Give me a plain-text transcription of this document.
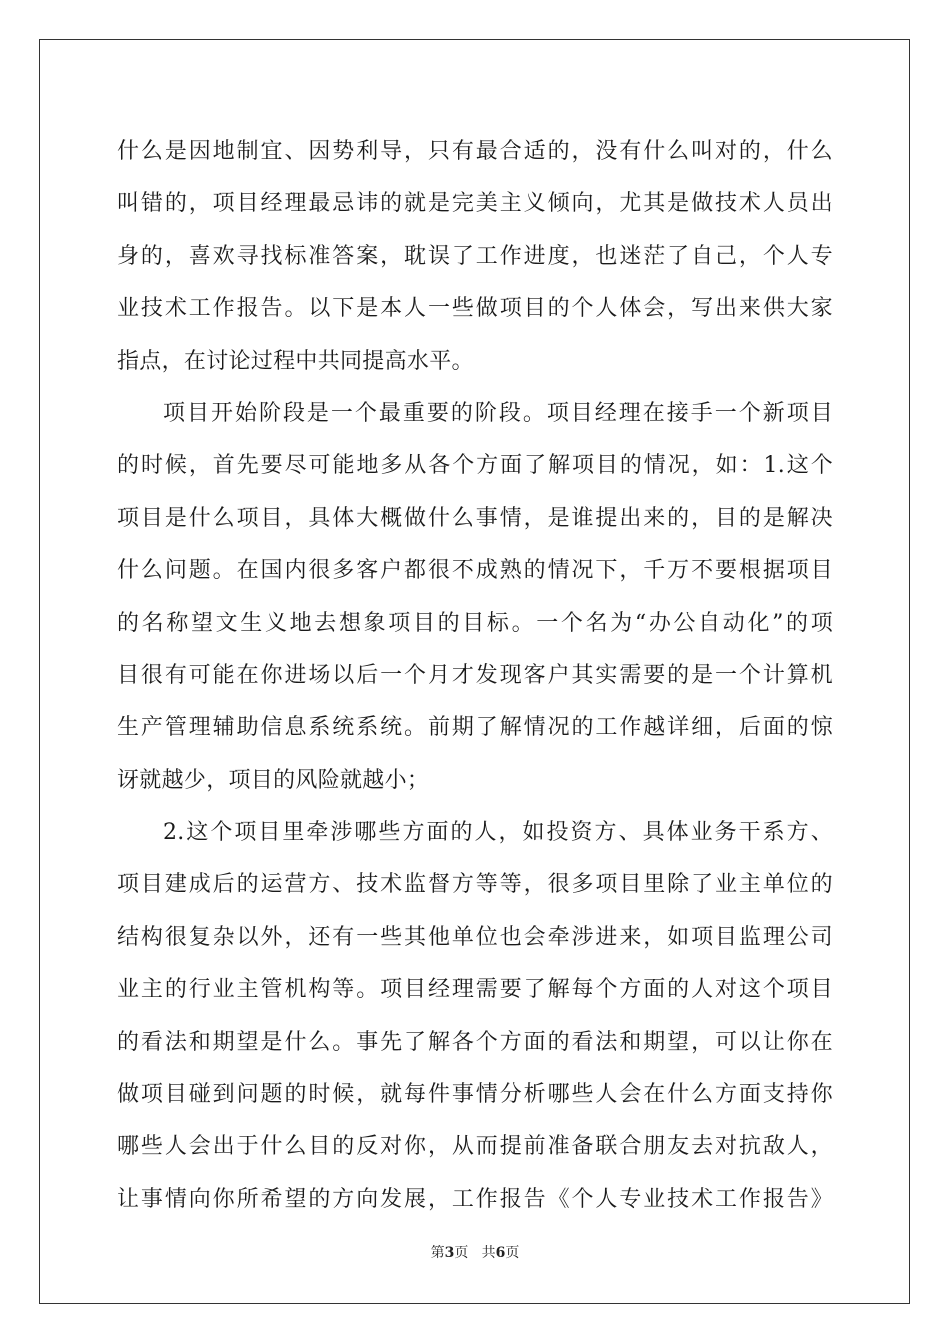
什么是因地制宜、因势利导，只有最合适的，没有什么叫对的，什么
叫错的，项目经理最忌讳的就是完美主义倾向，尤其是做技术人员出
身的，喜欢寻找标准答案，耽误了工作进度，也迷茫了自己，个人专
业技术工作报告。以下是本人一些做项目的个人体会，写出来供大家
指点，在讨论过程中共同提高水平。
项目开始阶段是一个最重要的阶段。项目经理在接手一个新项目
的时候，首先要尽可能地多从各个方面了解项目的情况，如：1.这个
项目是什么项目，具体大概做什么事情，是谁提出来的，目的是解决
什么问题。在国内很多客户都很不成熟的情况下，千万不要根据项目
的名称望文生义地去想象项目的目标。一个名为“办公自动化”的项
目很有可能在你进场以后一个月才发现客户其实需要的是一个计算机
生产管理辅助信息系统系统。前期了解情况的工作越详细，后面的惊
讶就越少，项目的风险就越小；
2.这个项目里牵涉哪些方面的人，如投资方、具体业务干系方、
项目建成后的运营方、技术监督方等等，很多项目里除了业主单位的
结构很复杂以外，还有一些其他单位也会牵涉进来，如项目监理公司
业主的行业主管机构等。项目经理需要了解每个方面的人对这个项目
的看法和期望是什么。事先了解各个方面的看法和期望，可以让你在
做项目碰到问题的时候，就每件事情分析哪些人会在什么方面支持你
哪些人会出于什么目的反对你，从而提前准备联合朋友去对抗敌人，
让事情向你所希望的方向发展，工作报告《个人专业技术工作报告》
第3页 共6页
